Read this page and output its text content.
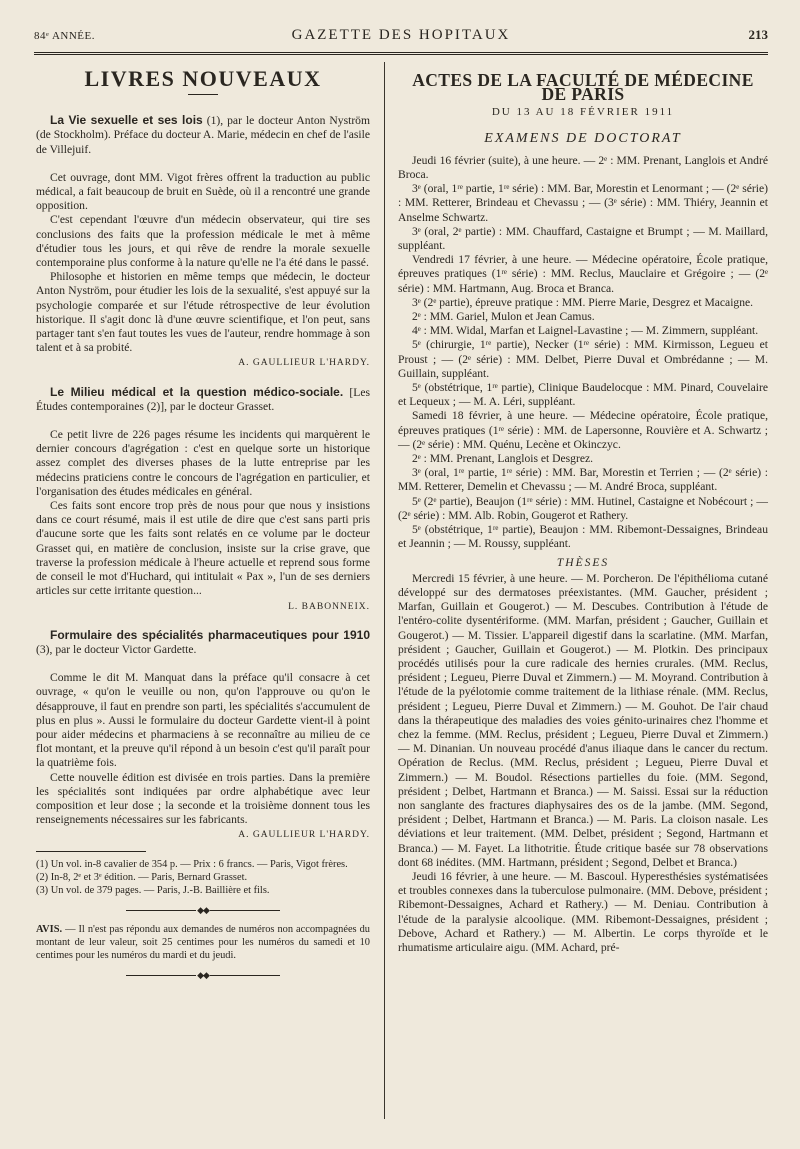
84ᵉ ANNÉE.	GAZETTE DES HOPITAUX	213
LIVRES NOUVEAUX

La Vie sexuelle et ses lois (1), par le docteur Anton Nyström (de Stockholm). Préface du docteur A. Marie, médecin en chef de l'asile de Villejuif.

Cet ouvrage, dont MM. Vigot frères offrent la traduction au public médical, a fait beaucoup de bruit en Suède, où il a rencontré une grande opposition.

C'est cependant l'œuvre d'un médecin observateur, qui tire ses conclusions des faits que la profession médicale le met à même d'étudier tous les jours, et qui rêve de rendre la morale sexuelle contemporaine plus conforme à la nature qu'elle ne l'a été dans le passé.

Philosophe et historien en même temps que médecin, le docteur Anton Nyström, pour étudier les lois de la sexualité, s'est appuyé sur la psychologie comparée et sur l'étude rétrospective de leur évolution historique. Il s'agit donc là d'une œuvre scientifique, et l'on peut, sans partager tant s'en faut toutes les vues de l'auteur, rendre hommage à son talent et à sa probité.

A. GAULLIEUR L'HARDY.

Le Milieu médical et la question médico-sociale. [Les Études contemporaines (2)], par le docteur Grasset.

Ce petit livre de 226 pages résume les incidents qui marquèrent le dernier concours d'agrégation : c'est en quelque sorte un historique assez complet des diverses phases de la lutte entreprise par les médecins praticiens contre le concours de l'agrégation en particulier, et l'organisation des études médicales en général.

Ces faits sont encore trop près de nous pour que nous y insistions dans ce court résumé, mais il est utile de dire que c'est sans parti pris d'aucune sorte que les faits sont relatés en ce volume par le docteur Grasset qui, en matière de conclusion, insiste sur la crise grave, que traverse la profession médicale à l'heure actuelle et reprend sous forme de conseil le mot d'Huchard, qui intitulait « Pax », l'un de ses derniers articles sur cette irritante question...

L. BABONNEIX.

Formulaire des spécialités pharmaceutiques pour 1910 (3), par le docteur Victor Gardette.

Comme le dit M. Manquat dans la préface qu'il consacre à cet ouvrage, « qu'on le veuille ou non, qu'on l'approuve ou qu'on le désapprouve, il faut en prendre son parti, les spécialités s'accumulent de plus en plus ». Aussi le formulaire du docteur Gardette vient-il à point pour aider médecins et pharmaciens à se reconnaître au milieu de ce flot montant, et la preuve qu'il répond à un besoin c'est qu'il paraît pour la quatrième fois.

Cette nouvelle édition est divisée en trois parties. Dans la première les spécialités sont indiquées par ordre alphabétique avec leur composition et leur dose ; la seconde et la troisième donnent tous les renseignements nécessaires sur les fabricants.

A. GAULLIEUR L'HARDY.

(1) Un vol. in-8 cavalier de 354 p. — Prix : 6 francs. — Paris, Vigot frères.

(2) In-8, 2ᵉ et 3ᵉ édition. — Paris, Bernard Grasset.

(3) Un vol. de 379 pages. — Paris, J.-B. Baillière et fils.

◆◆

AVIS. — Il n'est pas répondu aux demandes de numéros non accompagnées du montant de leur valeur, soit 25 centimes pour les numéros du samedi et 10 centimes pour les numéros du mardi et du jeudi.

◆◆
ACTES DE LA FACULTÉ DE MÉDECINE DE PARIS
DU 13 AU 18 FÉVRIER 1911
EXAMENS DE DOCTORAT

Jeudi 16 février (suite), à une heure. — 2ᵉ : MM. Prenant, Langlois et André Broca.

3ᵉ (oral, 1ʳᵉ partie, 1ʳᵉ série) : MM. Bar, Morestin et Lenormant ; — (2ᵉ série) : MM. Retterer, Brindeau et Chevassu ; — (3ᵉ série) : MM. Thiéry, Jeannin et Anselme Schwartz.

3ᵉ (oral, 2ᵉ partie) : MM. Chauffard, Castaigne et Brumpt ; — M. Maillard, suppléant.

Vendredi 17 février, à une heure. — Médecine opératoire, École pratique, épreuves pratiques (1ʳᵉ série) : MM. Reclus, Mauclaire et Grégoire ; — (2ᵉ série) : MM. Hartmann, Aug. Broca et Branca.

3ᵉ (2ᵉ partie), épreuve pratique : MM. Pierre Marie, Desgrez et Macaigne.

2ᵉ : MM. Gariel, Mulon et Jean Camus.

4ᵉ : MM. Widal, Marfan et Laignel-Lavastine ; — M. Zimmern, suppléant.

5ᵉ (chirurgie, 1ʳᵉ partie), Necker (1ʳᵉ série) : MM. Kirmisson, Legueu et Proust ; — (2ᵉ série) : MM. Delbet, Pierre Duval et Ombrédanne ; — M. Guillain, suppléant.

5ᵉ (obstétrique, 1ʳᵉ partie), Clinique Baudelocque : MM. Pinard, Couvelaire et Lequeux ; — M. A. Léri, suppléant.

Samedi 18 février, à une heure. — Médecine opératoire, École pratique, épreuves pratiques (1ʳᵉ série) : MM. de Lapersonne, Rouvière et A. Schwartz ; — (2ᵉ série) : MM. Quénu, Lecène et Okinczyc.

2ᵉ : MM. Prenant, Langlois et Desgrez.

3ᵉ (oral, 1ʳᵉ partie, 1ʳᵉ série) : MM. Bar, Morestin et Terrien ; — (2ᵉ série) : MM. Retterer, Demelin et Chevassu ; — M. André Broca, suppléant.

5ᵉ (2ᵉ partie), Beaujon (1ʳᵉ série) : MM. Hutinel, Castaigne et Nobécourt ; — (2ᵉ série) : MM. Alb. Robin, Gougerot et Rathery.

5ᵉ (obstétrique, 1ʳᵉ partie), Beaujon : MM. Ribemont-Dessaignes, Brindeau et Jeannin ; — M. Roussy, suppléant.

THÈSES

Mercredi 15 février, à une heure. — M. Porcheron. De l'épithélioma cutané développé sur des dermatoses préexistantes. (MM. Gaucher, président ; Marfan, Guillain et Gougerot.) — M. Descubes. Contribution à l'étude de l'entéro-colite dysentériforme. (MM. Marfan, président ; Gaucher, Guillain et Gougerot.) — M. Tissier. L'appareil digestif dans la scarlatine. (MM. Marfan, président ; Gaucher, Guillain et Gougerot.) — M. Plotkin. Des principaux procédés utilisés pour la cure radicale des hernies crurales. (MM. Reclus, président ; Legueu, Pierre Duval et Zimmern.) — M. Moyrand. Contribution à l'étude de la pyélotomie comme traitement de la lithiase rénale. (MM. Reclus, président ; Legueu, Pierre Duval et Zimmern.) — M. Gouhot. De l'air chaud dans la thérapeutique des maladies des voies génito-urinaires chez l'homme et chez la femme. (MM. Reclus, président ; Legueu, Pierre Duval et Zimmern.) — M. Dinanian. Un nouveau procédé d'anus iliaque dans le cancer du rectum. Opération de Reclus. (MM. Reclus, président ; Legueu, Pierre Duval et Zimmern.) — M. Boudol. Résections partielles du foie. (MM. Segond, président ; Delbet, Hartmann et Branca.) — M. Saissi. Essai sur la réduction non sanglante des fractures diaphysaires des os de la jambe. (MM. Segond, président ; Delbet, Hartmann et Branca.) — M. Paris. La cloison nasale. Les déviations et leur traitement. (MM. Delbet, président ; Segond, Hartmann et Branca.) — M. Fayet. La lithotritie. Étude critique basée sur 78 observations dont 68 inédites. (MM. Hartmann, président ; Segond, Delbet et Branca.)

Jeudi 16 février, à une heure. — M. Bascoul. Hyperesthésies systématisées et troubles connexes dans la tuberculose pulmonaire. (MM. Debove, président ; Ribemont-Dessaignes, Achard et Rathery.) — M. Deniau. Contribution à l'étude de la paralysie alcoolique. (MM. Ribemont-Dessaignes, président ; Debove, Achard et Rathery.) — M. Albertin. Le corps thyroïde et le rhumatisme articulaire aigu. (MM. Achard, pré-
